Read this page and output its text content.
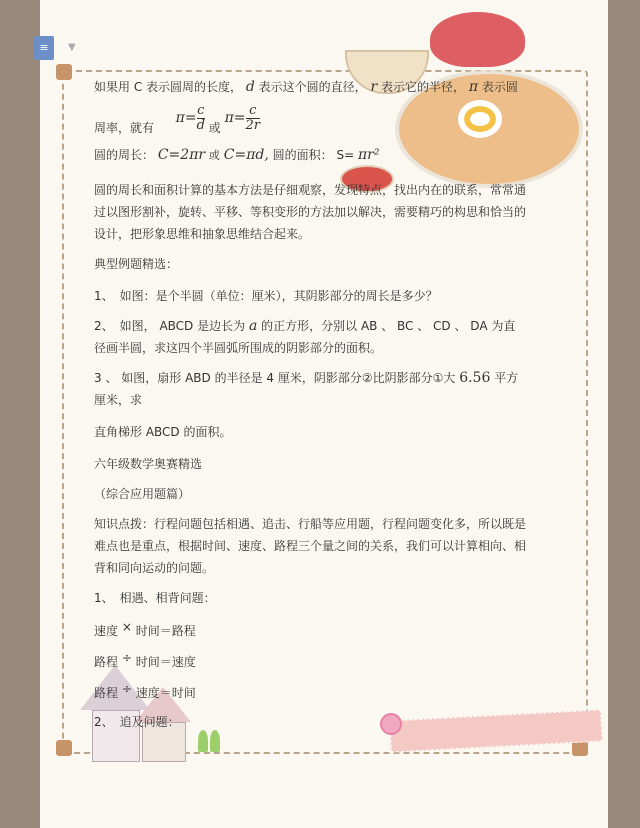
≡	▼
如果用 C 表示圆周的长度， d 表示这个圆的直径， r 表示它的半径， π 表示圆
周率，就有  $\pi= \frac{c}{d}$ 或 $\pi= \frac{c}{2r}$
圆的周长： C=2πr 或 C=πd, 圆的面积： S= πr²
圆的周长和面积计算的基本方法是仔细观察，发现特点，找出内在的联系，常常通
过以图形割补，旋转、平移、等积变形的方法加以解决，需要精巧的构思和恰当的
设计，把形象思维和抽象思维结合起来。
典型例题精选：
1、　如图：是个半圆（单位：厘米），其阴影部分的周长是多少？
2、　如图， ABCD 是边长为 a 的正方形，分别以 AB 、 BC 、 CD 、 DA 为直
径画半圆，求这四个半圆弧所围成的阴影部分的面积。
3 、 如图，扇形 ABD 的半径是 4 厘米，阴影部分②比阴影部分①大 6.56 平方
厘米，求
直角梯形 ABCD 的面积。
六年级数学奥赛精选
（综合应用题篇）
知识点拨：行程问题包括相遇、追击、行船等应用题，行程问题变化多，所以既是
难点也是重点，根据时间、速度、路程三个量之间的关系，我们可以计算相向、相
背和同向运动的问题。
1、　相遇、相背问题：
速度 × 时间＝路程
路程 ÷ 时间＝速度
路程 ÷ 速度＝时间
2、　追及问题：
